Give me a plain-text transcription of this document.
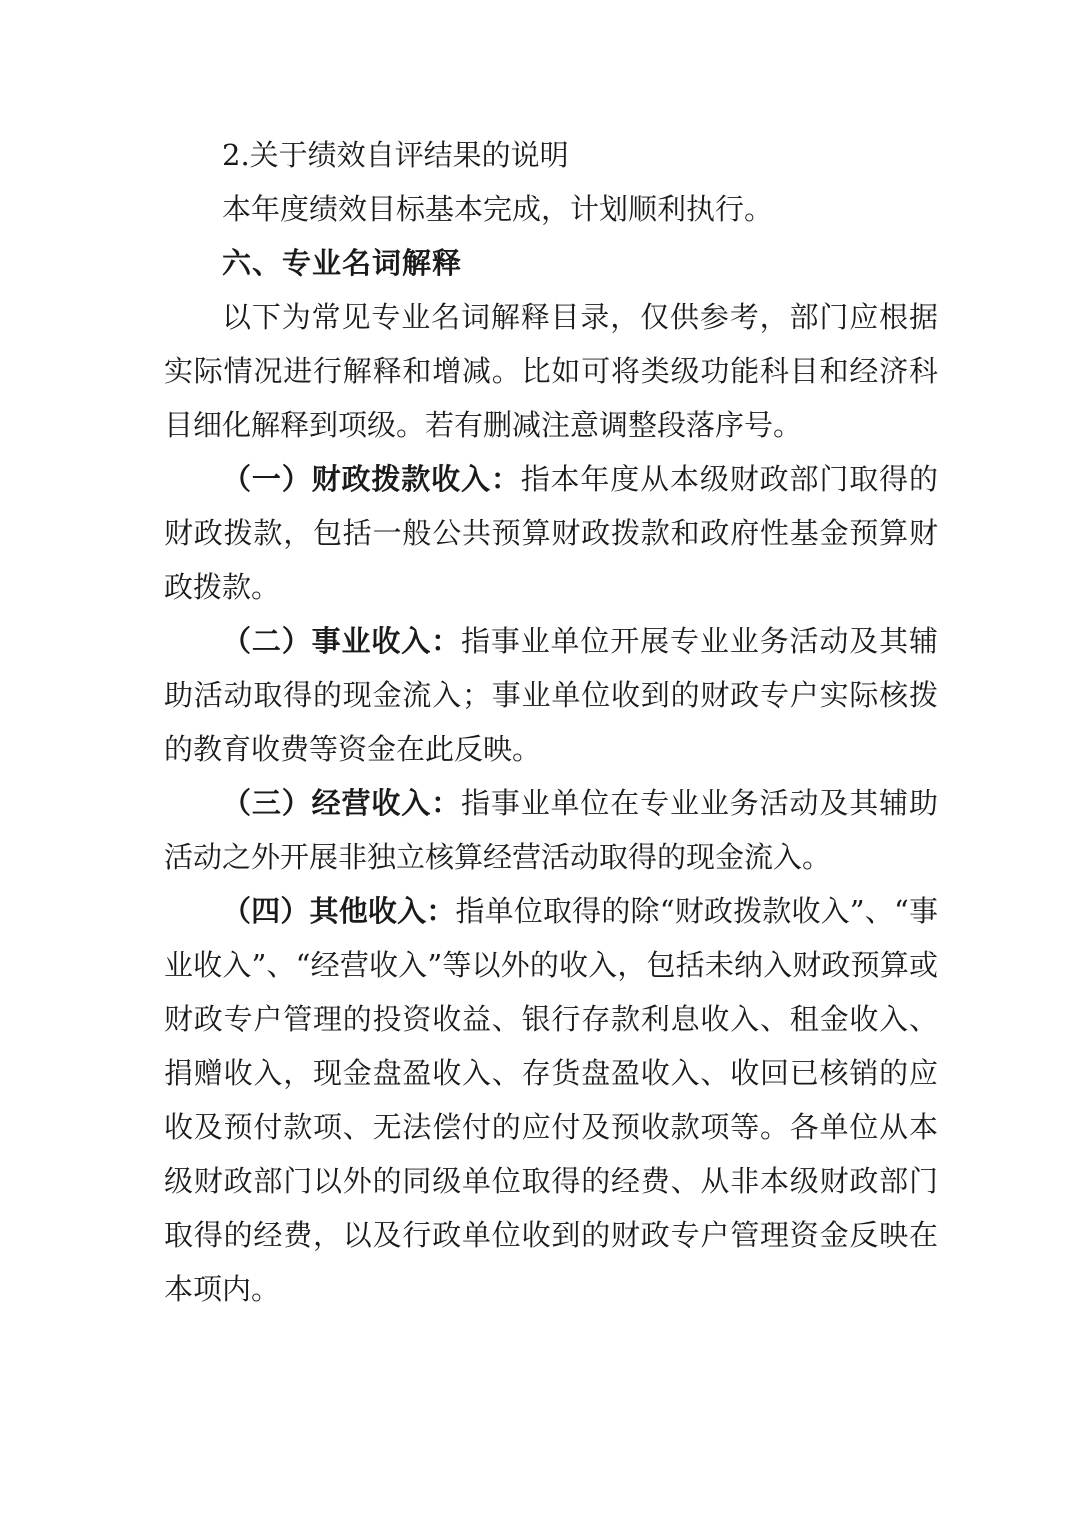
2.关于绩效自评结果的说明

本年度绩效目标基本完成，计划顺利执行。

六、专业名词解释

以下为常见专业名词解释目录，仅供参考，部门应根据实际情况进行解释和增减。比如可将类级功能科目和经济科目细化解释到项级。若有删减注意调整段落序号。

（一）财政拨款收入：指本年度从本级财政部门取得的财政拨款，包括一般公共预算财政拨款和政府性基金预算财政拨款。

（二）事业收入：指事业单位开展专业业务活动及其辅助活动取得的现金流入；事业单位收到的财政专户实际核拨的教育收费等资金在此反映。

（三）经营收入：指事业单位在专业业务活动及其辅助活动之外开展非独立核算经营活动取得的现金流入。

（四）其他收入：指单位取得的除“财政拨款收入”、“事业收入”、“经营收入”等以外的收入，包括未纳入财政预算或财政专户管理的投资收益、银行存款利息收入、租金收入、捐赠收入，现金盘盈收入、存货盘盈收入、收回已核销的应收及预付款项、无法偿付的应付及预收款项等。各单位从本级财政部门以外的同级单位取得的经费、从非本级财政部门取得的经费，以及行政单位收到的财政专户管理资金反映在本项内。
